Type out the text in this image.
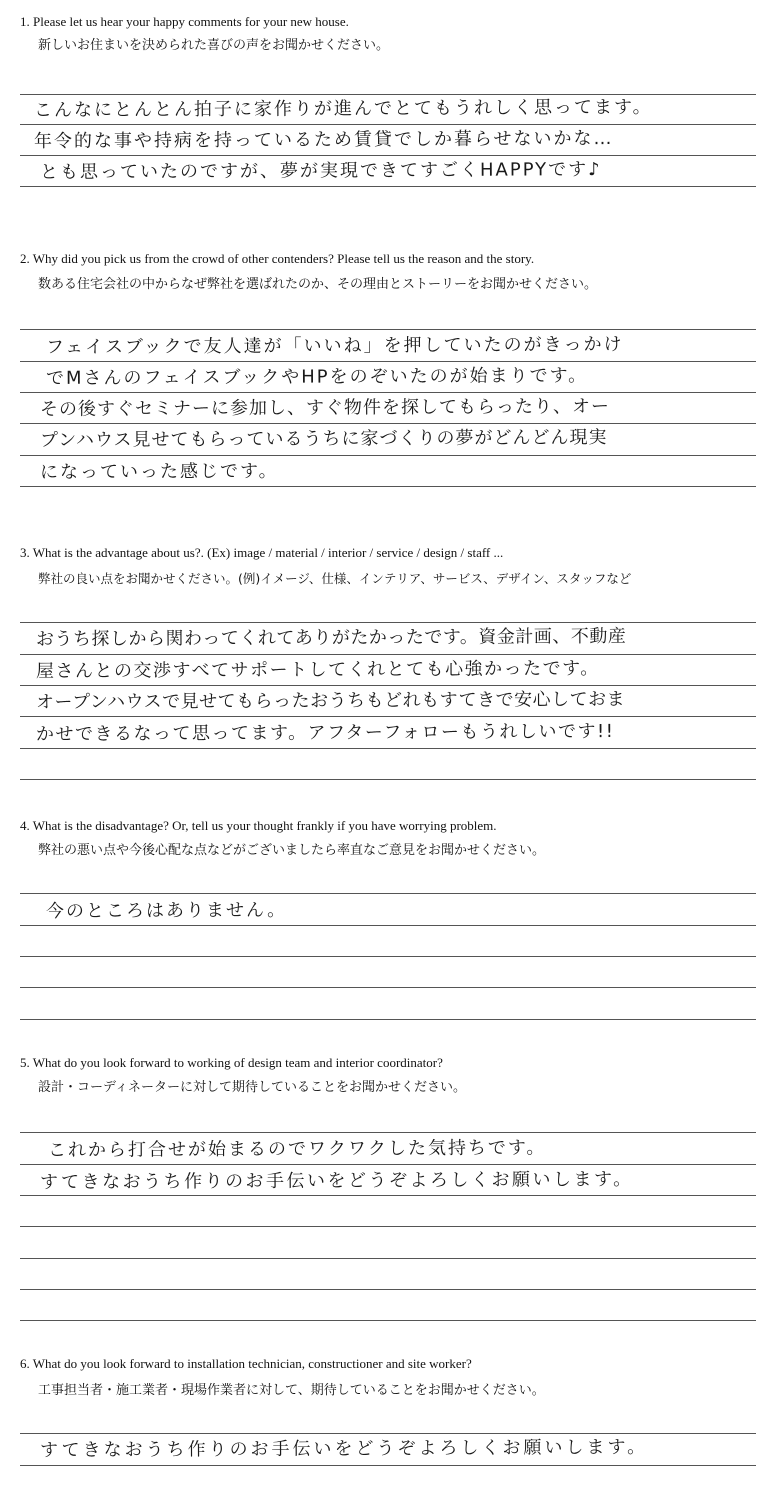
1. Please let us hear your happy comments for your new house.

新しいお住まいを決められた喜びの声をお聞かせください。

こんなにとんとん拍子に家作りが進んでとてもうれしく思ってます。

年令的な事や持病を持っているため賃貸でしか暮らせないかな…

とも思っていたのですが、夢が実現できてすごくHAPPYです♪

2. Why did you pick us from the crowd of other contenders? Please tell us the reason and the story.

数ある住宅会社の中からなぜ弊社を選ばれたのか、その理由とストーリーをお聞かせください。

フェイスブックで友人達が「いいね」を押していたのがきっかけ

でMさんのフェイスブックやHPをのぞいたのが始まりです。

その後すぐセミナーに参加し、すぐ物件を探してもらったり、オー

プンハウス見せてもらっているうちに家づくりの夢がどんどん現実

になっていった感じです。

3. What is the advantage about us?. (Ex) image / material / interior / service / design / staff ...

弊社の良い点をお聞かせください。(例)イメージ、仕様、インテリア、サービス、デザイン、スタッフなど

おうち探しから関わってくれてありがたかったです。資金計画、不動産

屋さんとの交渉すべてサポートしてくれとても心強かったです。

オープンハウスで見せてもらったおうちもどれもすてきで安心しておま

かせできるなって思ってます。アフターフォローもうれしいです!!

4. What is the disadvantage? Or, tell us your thought frankly if you have worrying problem.

弊社の悪い点や今後心配な点などがございましたら率直なご意見をお聞かせください。

今のところはありません。

5. What do you look forward to working of design team and interior coordinator?

設計・コーディネーターに対して期待していることをお聞かせください。

これから打合せが始まるのでワクワクした気持ちです。

すてきなおうち作りのお手伝いをどうぞよろしくお願いします。

6. What do you look forward to installation technician, constructioner and site worker?

工事担当者・施工業者・現場作業者に対して、期待していることをお聞かせください。

すてきなおうち作りのお手伝いをどうぞよろしくお願いします。
